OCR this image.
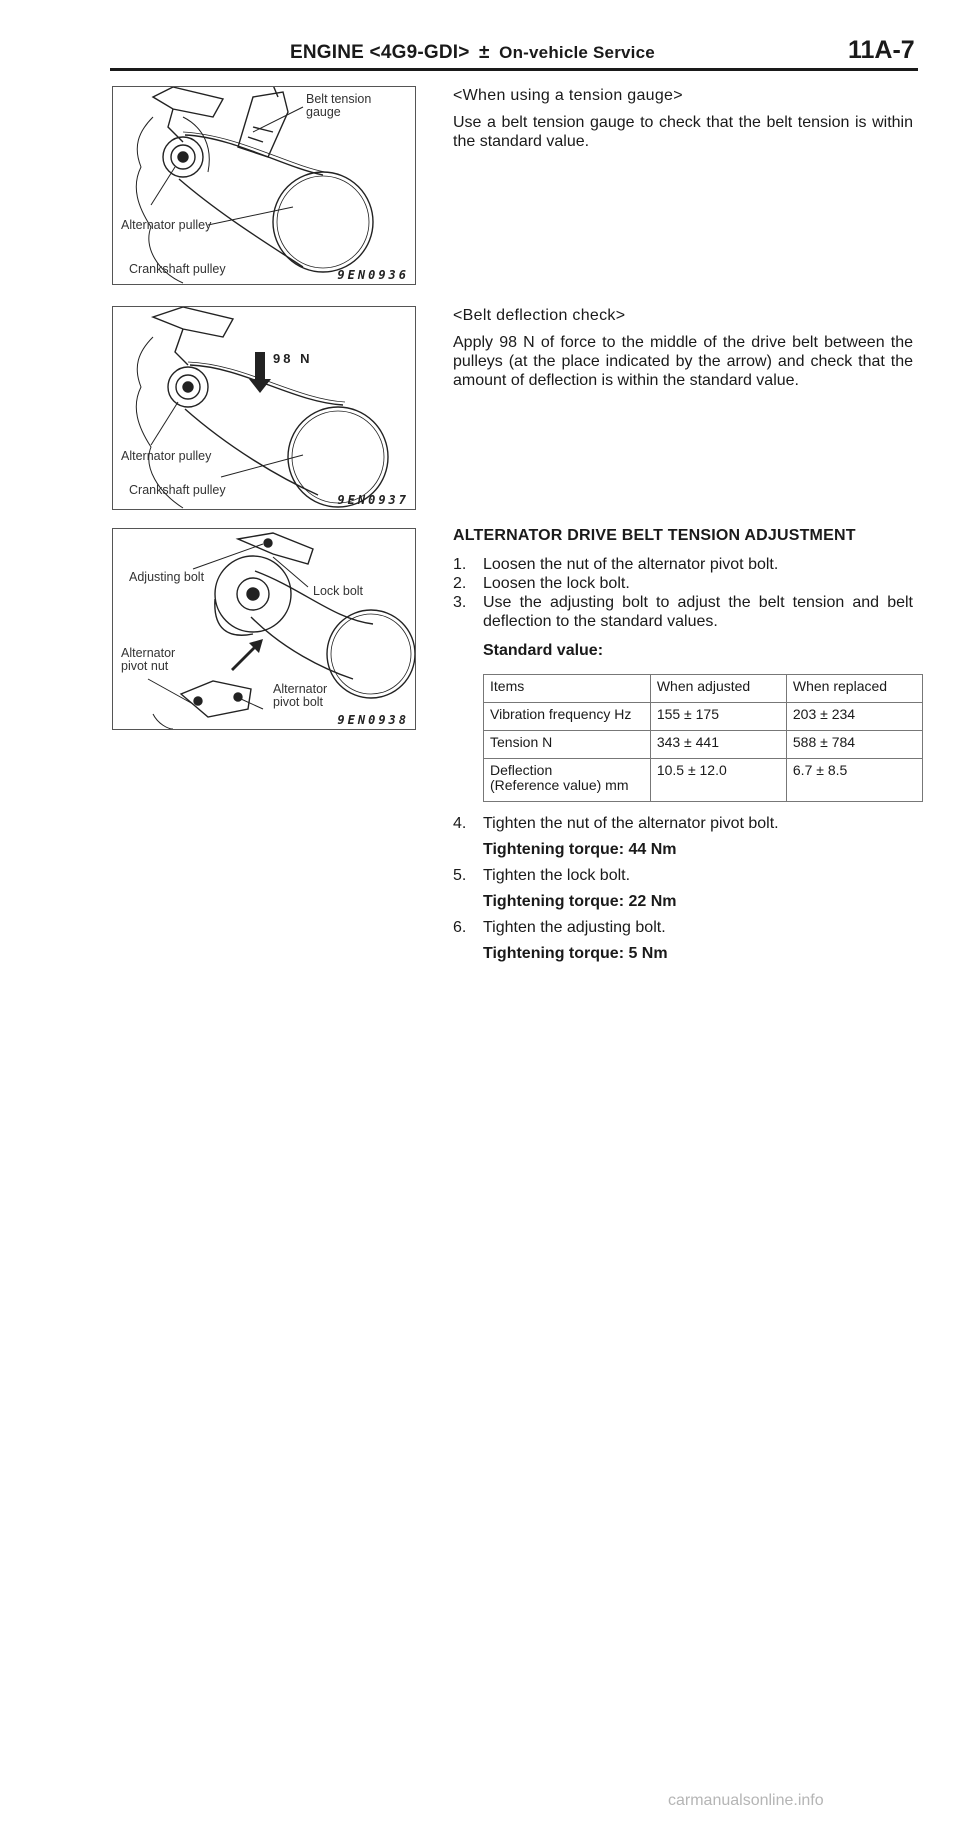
ENGINE <4G9-GDI> ± On-vehicle Service	11A-7
Belt tension
gauge
Alternator pulley
Crankshaft pulley	9EN0936
<When using a tension gauge>
Use a belt tension gauge to check that the belt tension is within the standard value.
98 N
Alternator pulley
Crankshaft pulley
9EN0937
<Belt deflection check>
Apply 98 N of force to the middle of the drive belt between the pulleys (at the place indicated by the arrow) and check that the amount of deflection is within the standard value.
Adjusting bolt
Lock bolt
Alternator
pivot nut
Alternator
pivot bolt
9EN0938
ALTERNATOR DRIVE BELT TENSION ADJUSTMENT
1. Loosen the nut of the alternator pivot bolt.
2. Loosen the lock bolt.
3. Use the adjusting bolt to adjust the belt tension and belt deflection to the standard values.
Standard value:
Items	When adjusted	When replaced
Vibration frequency Hz	155 ± 175	203 ± 234
Tension N	343 ± 441	588 ± 784
Deflection
(Reference value) mm	10.5 ± 12.0	6.7 ± 8.5
4. Tighten the nut of the alternator pivot bolt.
Tightening torque: 44 Nm
5. Tighten the lock bolt.
Tightening torque: 22 Nm
6. Tighten the adjusting bolt.
Tightening torque: 5 Nm
carmanualsonline.info
